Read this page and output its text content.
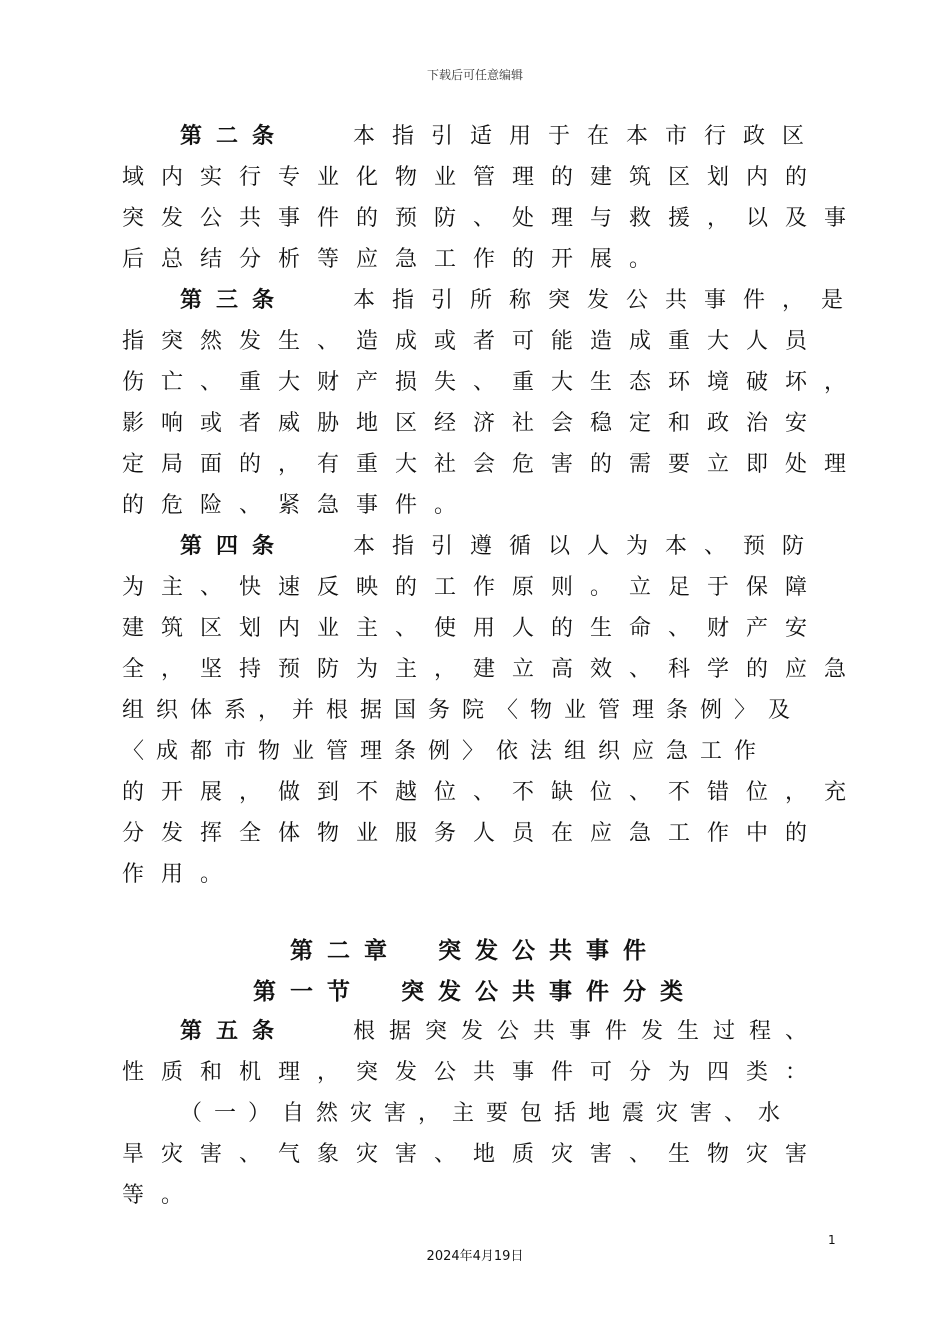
下载后可任意编辑
第二条	本指引适用于在本市行政区
域内实行专业化物业管理的建筑区划内的
突发公共事件的预防、处理与救援，以及事
后总结分析等应急工作的开展。
第三条	本指引所称突发公共事件，是
指突然发生、造成或者可能造成重大人员
伤亡、重大财产损失、重大生态环境破坏，
影响或者威胁地区经济社会稳定和政治安
定局面的，有重大社会危害的需要立即处理
的危险、紧急事件。
第四条	本指引遵循以人为本、预防
为主、快速反映的工作原则。立足于保障
建筑区划内业主、使用人的生命、财产安
全，坚持预防为主，建立高效、科学的应急
组织体系，并根据国务院〈物业管理条例〉及
〈成都市物业管理条例〉依法组织应急工作
的开展，做到不越位、不缺位、不错位，充
分发挥全体物业服务人员在应急工作中的
作用。
第二章　突发公共事件
第一节　突发公共事件分类
第五条	根据突发公共事件发生过程、
性质和机理，突发公共事件可分为四类：
（一）自然灾害，主要包括地震灾害、水
旱灾害、气象灾害、地质灾害、生物灾害
等。
1
2024年4月19日
